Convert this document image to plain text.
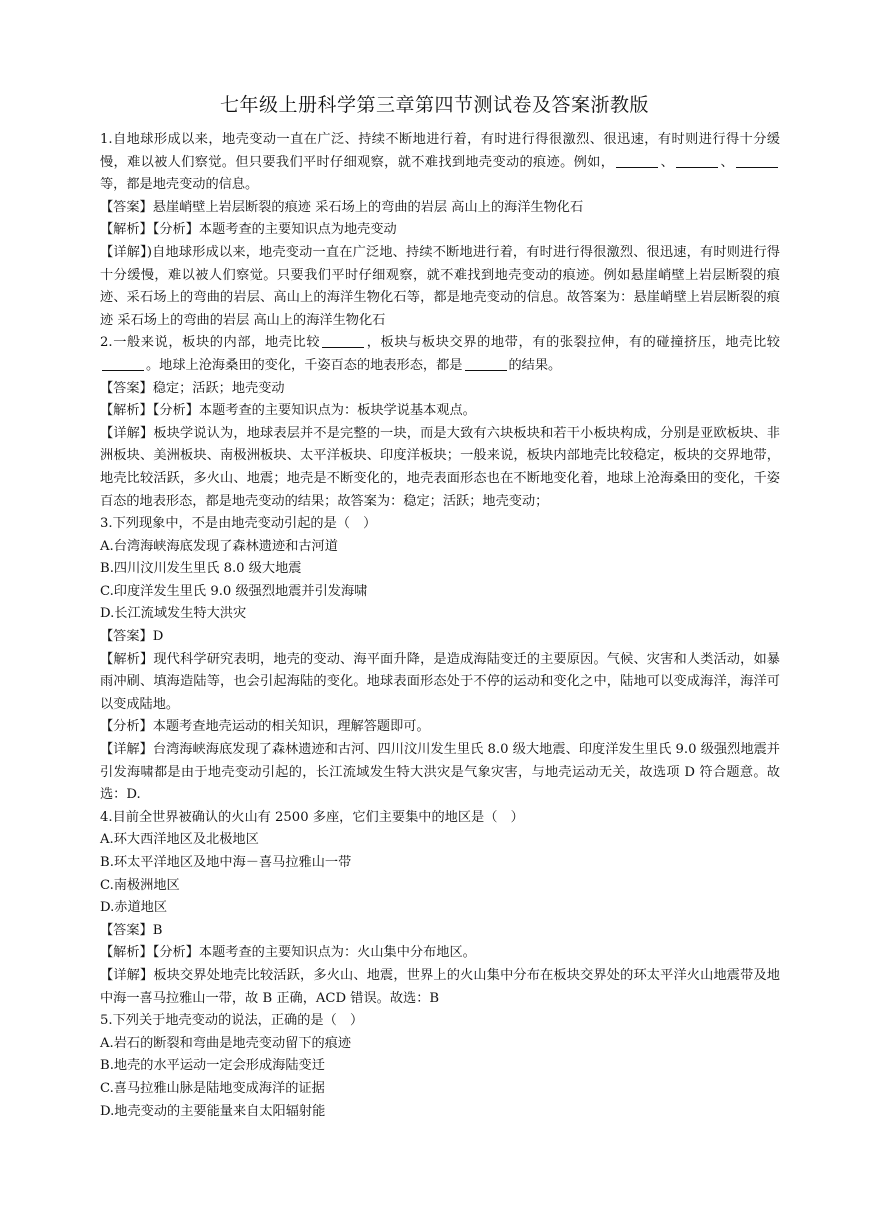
七年级上册科学第三章第四节测试卷及答案浙教版

1.自地球形成以来，地壳变动一直在广泛、持续不断地进行着，有时进行得很激烈、很迅速，有时则进行得十分缓慢，难以被人们察觉。但只要我们平时仔细观察，就不难找到地壳变动的痕迹。例如，	、	、等，都是地壳变动的信息。

【答案】悬崖峭壁上岩层断裂的痕迹 采石场上的弯曲的岩层 高山上的海洋生物化石

【解析】【分析】本题考查的主要知识点为地壳变动

【详解】)自地球形成以来，地壳变动一直在广泛地、持续不断地进行着，有时进行得很激烈、很迅速，有时则进行得十分缓慢，难以被人们察觉。只要我们平时仔细观察，就不难找到地壳变动的痕迹。例如悬崖峭壁上岩层断裂的痕迹、采石场上的弯曲的岩层、高山上的海洋生物化石等，都是地壳变动的信息。故答案为：悬崖峭壁上岩层断裂的痕迹 采石场上的弯曲的岩层 高山上的海洋生物化石

2.一般来说，板块的内部，地壳比较	，板块与板块交界的地带，有的张裂拉伸，有的碰撞挤压，地壳比较。地球上沧海桑田的变化，千姿百态的地表形态，都是	的结果。

【答案】稳定；活跃；地壳变动

【解析】【分析】本题考查的主要知识点为：板块学说基本观点。

【详解】板块学说认为，地球表层并不是完整的一块，而是大致有六块板块和若干小板块构成，分别是亚欧板块、非洲板块、美洲板块、南极洲板块、太平洋板块、印度洋板块；一般来说，板块内部地壳比较稳定，板块的交界地带，地壳比较活跃，多火山、地震；地壳是不断变化的，地壳表面形态也在不断地变化着，地球上沧海桑田的变化，千姿百态的地表形态，都是地壳变动的结果；故答案为：稳定；活跃；地壳变动；

3.下列现象中，不是由地壳变动引起的是（　）

A.台湾海峡海底发现了森林遗迹和古河道

B.四川汶川发生里氏 8.0 级大地震

C.印度洋发生里氏 9.0 级强烈地震并引发海啸

D.长江流域发生特大洪灾

【答案】D

【解析】现代科学研究表明，地壳的变动、海平面升降，是造成海陆变迁的主要原因。气候、灾害和人类活动，如暴雨冲刷、填海造陆等，也会引起海陆的变化。地球表面形态处于不停的运动和变化之中，陆地可以变成海洋，海洋可以变成陆地。

【分析】本题考查地壳运动的相关知识，理解答题即可。

【详解】台湾海峡海底发现了森林遗迹和古河、四川汶川发生里氏 8.0 级大地震、印度洋发生里氏 9.0 级强烈地震并引发海啸都是由于地壳变动引起的，长江流域发生特大洪灾是气象灾害，与地壳运动无关，故选项 D 符合题意。故选：D.

4.目前全世界被确认的火山有 2500 多座，它们主要集中的地区是（　）

A.环大西洋地区及北极地区

B.环太平洋地区及地中海－喜马拉雅山一带

C.南极洲地区

D.赤道地区

【答案】B

【解析】【分析】本题考查的主要知识点为：火山集中分布地区。

【详解】板块交界处地壳比较活跃，多火山、地震，世界上的火山集中分布在板块交界处的环太平洋火山地震带及地中海一喜马拉雅山一带，故 B 正确，ACD 错误。故选：B

5.下列关于地壳变动的说法，正确的是（　）

A.岩石的断裂和弯曲是地壳变动留下的痕迹

B.地壳的水平运动一定会形成海陆变迁

C.喜马拉雅山脉是陆地变成海洋的证据

D.地壳变动的主要能量来自太阳辐射能
